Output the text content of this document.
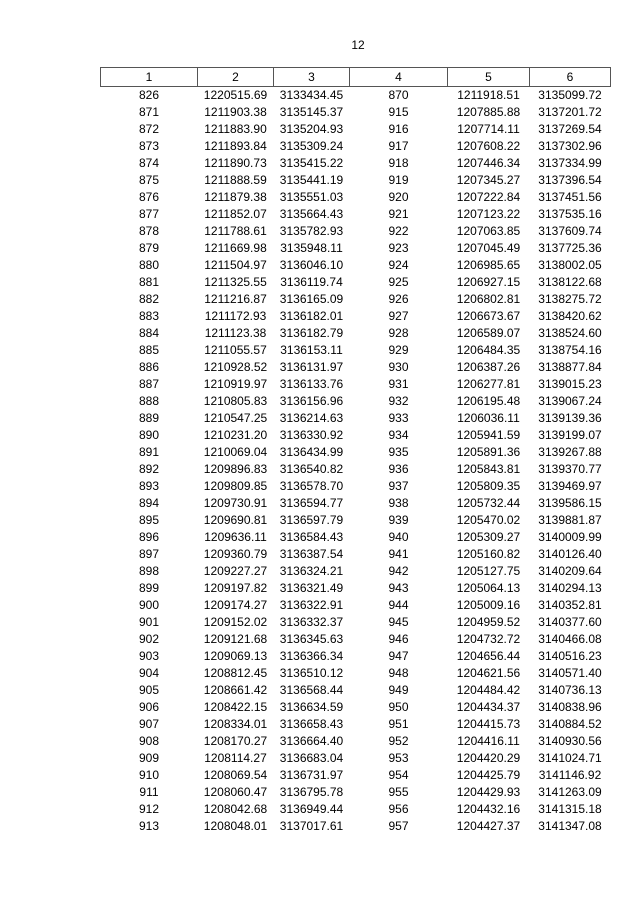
12
1	2	3	4	5	6
826	1220515.69	3133434.45	870	1211918.51	3135099.72
871	1211903.38	3135145.37	915	1207885.88	3137201.72
872	1211883.90	3135204.93	916	1207714.11	3137269.54
873	1211893.84	3135309.24	917	1207608.22	3137302.96
874	1211890.73	3135415.22	918	1207446.34	3137334.99
875	1211888.59	3135441.19	919	1207345.27	3137396.54
876	1211879.38	3135551.03	920	1207222.84	3137451.56
877	1211852.07	3135664.43	921	1207123.22	3137535.16
878	1211788.61	3135782.93	922	1207063.85	3137609.74
879	1211669.98	3135948.11	923	1207045.49	3137725.36
880	1211504.97	3136046.10	924	1206985.65	3138002.05
881	1211325.55	3136119.74	925	1206927.15	3138122.68
882	1211216.87	3136165.09	926	1206802.81	3138275.72
883	1211172.93	3136182.01	927	1206673.67	3138420.62
884	1211123.38	3136182.79	928	1206589.07	3138524.60
885	1211055.57	3136153.11	929	1206484.35	3138754.16
886	1210928.52	3136131.97	930	1206387.26	3138877.84
887	1210919.97	3136133.76	931	1206277.81	3139015.23
888	1210805.83	3136156.96	932	1206195.48	3139067.24
889	1210547.25	3136214.63	933	1206036.11	3139139.36
890	1210231.20	3136330.92	934	1205941.59	3139199.07
891	1210069.04	3136434.99	935	1205891.36	3139267.88
892	1209896.83	3136540.82	936	1205843.81	3139370.77
893	1209809.85	3136578.70	937	1205809.35	3139469.97
894	1209730.91	3136594.77	938	1205732.44	3139586.15
895	1209690.81	3136597.79	939	1205470.02	3139881.87
896	1209636.11	3136584.43	940	1205309.27	3140009.99
897	1209360.79	3136387.54	941	1205160.82	3140126.40
898	1209227.27	3136324.21	942	1205127.75	3140209.64
899	1209197.82	3136321.49	943	1205064.13	3140294.13
900	1209174.27	3136322.91	944	1205009.16	3140352.81
901	1209152.02	3136332.37	945	1204959.52	3140377.60
902	1209121.68	3136345.63	946	1204732.72	3140466.08
903	1209069.13	3136366.34	947	1204656.44	3140516.23
904	1208812.45	3136510.12	948	1204621.56	3140571.40
905	1208661.42	3136568.44	949	1204484.42	3140736.13
906	1208422.15	3136634.59	950	1204434.37	3140838.96
907	1208334.01	3136658.43	951	1204415.73	3140884.52
908	1208170.27	3136664.40	952	1204416.11	3140930.56
909	1208114.27	3136683.04	953	1204420.29	3141024.71
910	1208069.54	3136731.97	954	1204425.79	3141146.92
911	1208060.47	3136795.78	955	1204429.93	3141263.09
912	1208042.68	3136949.44	956	1204432.16	3141315.18
913	1208048.01	3137017.61	957	1204427.37	3141347.08
